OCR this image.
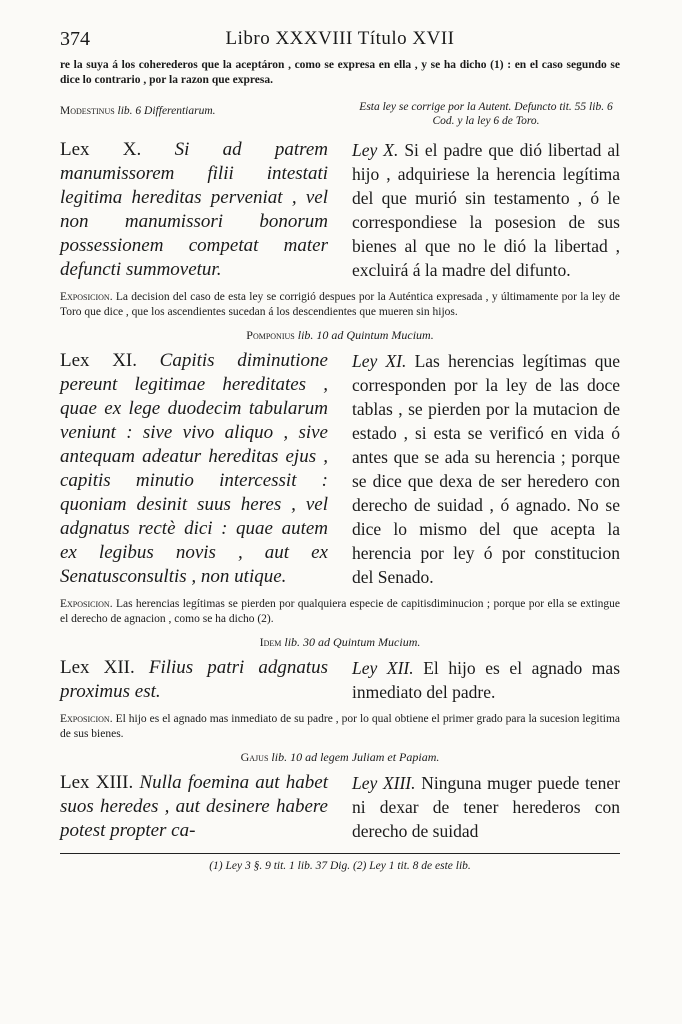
374	Libro XXXVIII Título XVII
re la suya á los coherederos que la aceptáron , como se expresa en ella , y se ha dicho (1) : en el caso segundo se dice lo contrario , por la razon que expresa.
Modestinus lib. 6 Differentiarum.	Esta ley se corrige por la Autent. Defuncto tit. 55 lib. 6 Cod. y la ley 6 de Toro.
Lex X. Si ad patrem manumissorem filii intestati legitima hereditas perveniat , vel non manumissori bonorum possessionem competat mater defuncti summovetur.
Ley X. Si el padre que dió libertad al hijo , adquiriese la herencia legítima del que murió sin testamento , ó le correspondiese la posesion de sus bienes al que no le dió la libertad , excluirá á la madre del difunto.
Exposicion. La decision del caso de esta ley se corrigió despues por la Auténtica expresada , y últimamente por la ley de Toro que dice , que los ascendientes sucedan á los descendientes que mueren sin hijos.
Pomponius lib. 10 ad Quintum Mucium.
Lex XI. Capitis diminutione pereunt legitimae hereditates , quae ex lege duodecim tabularum veniunt : sive vivo aliquo , sive antequam adeatur hereditas ejus , capitis minutio intercessit : quoniam desinit suus heres , vel adgnatus rectè dici : quae autem ex legibus novis , aut ex Senatusconsultis , non utique.
Ley XI. Las herencias legítimas que corresponden por la ley de las doce tablas , se pierden por la mutacion de estado , si esta se verificó en vida ó antes que se ada su herencia ; porque se dice que dexa de ser heredero con derecho de suidad , ó agnado. No se dice lo mismo del que acepta la herencia por ley ó por constitucion del Senado.
Exposicion. Las herencias legítimas se pierden por qualquiera especie de capitisdiminucion ; porque por ella se extingue el derecho de agnacion , como se ha dicho (2).
Idem lib. 30 ad Quintum Mucium.
Lex XII. Filius patri adgnatus proximus est.
Ley XII. El hijo es el agnado mas inmediato del padre.
Exposicion. El hijo es el agnado mas inmediato de su padre , por lo qual obtiene el primer grado para la sucesion legitima de sus bienes.
Gajus lib. 10 ad legem Juliam et Papiam.
Lex XIII. Nulla foemina aut habet suos heredes , aut desinere habere potest propter ca-
Ley XIII. Ninguna muger puede tener ni dexar de tener herederos con derecho de suidad
(1) Ley 3 §. 9 tit. 1 lib. 37 Dig. (2) Ley 1 tit. 8 de este lib.
